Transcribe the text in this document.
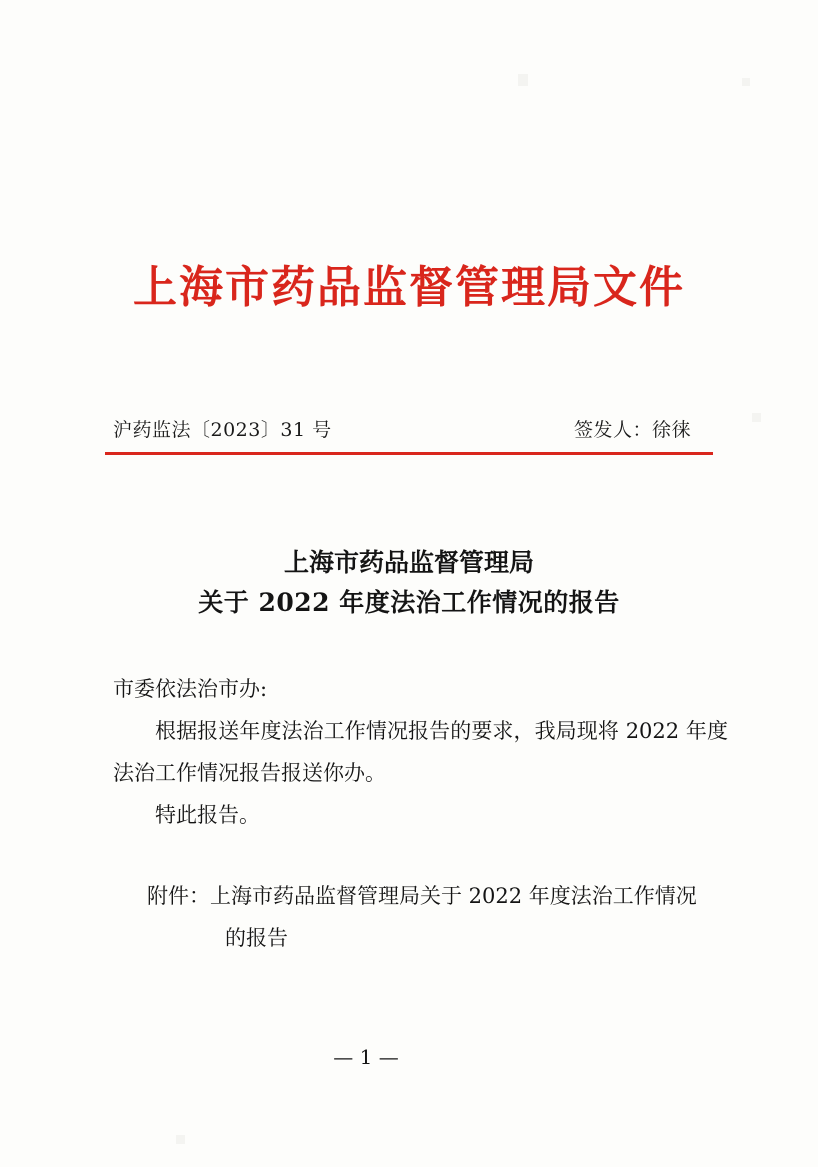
上海市药品监督管理局文件
沪药监法〔2023〕31 号	签发人：徐徕
上海市药品监督管理局
关于 2022 年度法治工作情况的报告

市委依法治市办:

根据报送年度法治工作情况报告的要求，我局现将 2022 年度法治工作情况报告报送你办。

特此报告。

附件：上海市药品监督管理局关于 2022 年度法治工作情况
的报告
— 1 —
